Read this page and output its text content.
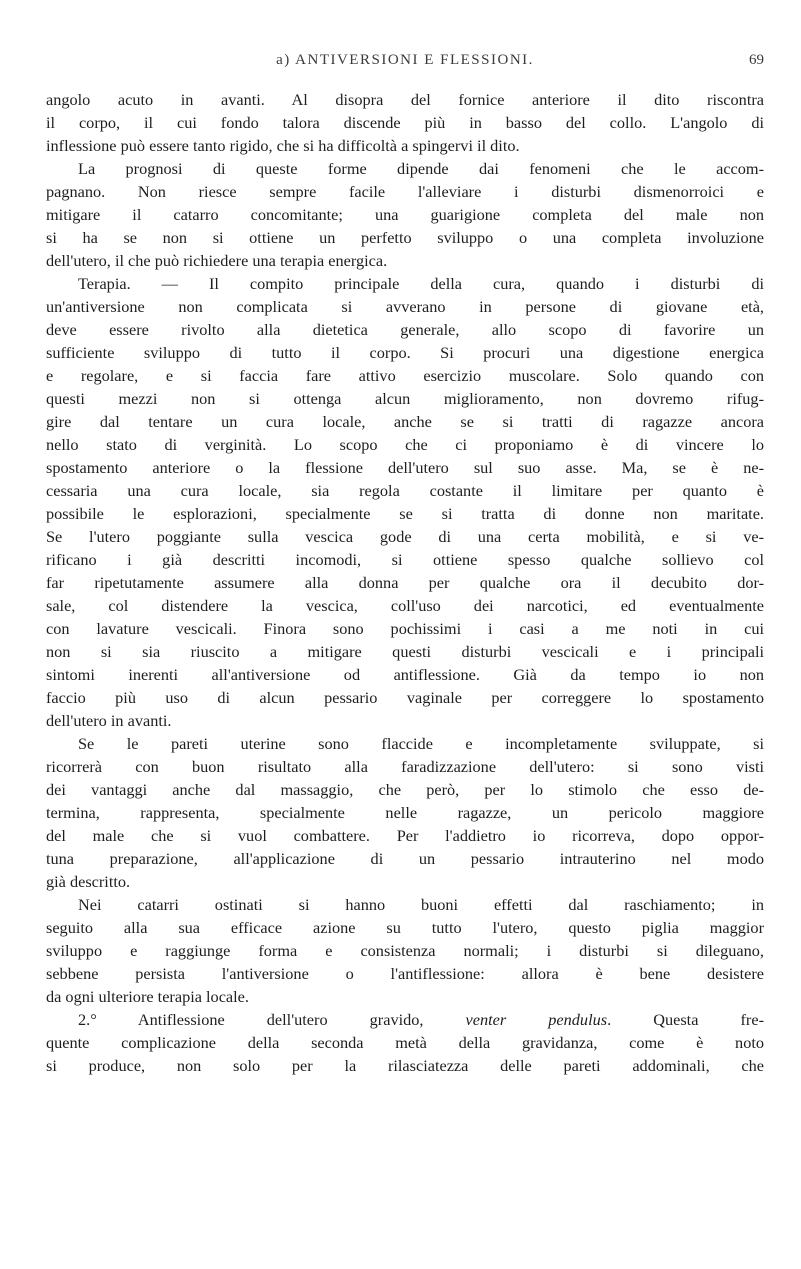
a) ANTIVERSIONI E FLESSIONI.	69
angolo acuto in avanti. Al disopra del fornice anteriore il dito riscontra
il corpo, il cui fondo talora discende più in basso del collo. L'angolo di
inflessione può essere tanto rigido, che si ha difficoltà a spingervi il dito.
La prognosi di queste forme dipende dai fenomeni che le accom-
pagnano. Non riesce sempre facile l'alleviare i disturbi dismenorroici e
mitigare il catarro concomitante; una guarigione completa del male non
si ha se non si ottiene un perfetto sviluppo o una completa involuzione
dell'utero, il che può richiedere una terapia energica.
Terapia. — Il compito principale della cura, quando i disturbi di
un'antiversione non complicata si avverano in persone di giovane età,
deve essere rivolto alla dietetica generale, allo scopo di favorire un
sufficiente sviluppo di tutto il corpo. Si procuri una digestione energica
e regolare, e si faccia fare attivo esercizio muscolare. Solo quando con
questi mezzi non si ottenga alcun miglioramento, non dovremo rifug-
gire dal tentare un cura locale, anche se si tratti di ragazze ancora
nello stato di verginità. Lo scopo che ci proponiamo è di vincere lo
spostamento anteriore o la flessione dell'utero sul suo asse. Ma, se è ne-
cessaria una cura locale, sia regola costante il limitare per quanto è
possibile le esplorazioni, specialmente se si tratta di donne non maritate.
Se l'utero poggiante sulla vescica gode di una certa mobilità, e si ve-
rificano i già descritti incomodi, si ottiene spesso qualche sollievo col
far ripetutamente assumere alla donna per qualche ora il decubito dor-
sale, col distendere la vescica, coll'uso dei narcotici, ed eventualmente
con lavature vescicali. Finora sono pochissimi i casi a me noti in cui
non si sia riuscito a mitigare questi disturbi vescicali e i principali
sintomi inerenti all'antiversione od antiflessione. Già da tempo io non
faccio più uso di alcun pessario vaginale per correggere lo spostamento
dell'utero in avanti.
Se le pareti uterine sono flaccide e incompletamente sviluppate, si
ricorrerà con buon risultato alla faradizzazione dell'utero: si sono visti
dei vantaggi anche dal massaggio, che però, per lo stimolo che esso de-
termina, rappresenta, specialmente nelle ragazze, un pericolo maggiore
del male che si vuol combattere. Per l'addietro io ricorreva, dopo oppor-
tuna preparazione, all'applicazione di un pessario intrauterino nel modo
già descritto.
Nei catarri ostinati si hanno buoni effetti dal raschiamento; in
seguito alla sua efficace azione su tutto l'utero, questo piglia maggior
sviluppo e raggiunge forma e consistenza normali; i disturbi si dileguano,
sebbene persista l'antiversione o l'antiflessione: allora è bene desistere
da ogni ulteriore terapia locale.
2.° Antiflessione dell'utero gravido, venter pendulus. Questa fre-
quente complicazione della seconda metà della gravidanza, come è noto
si produce, non solo per la rilasciatezza delle pareti addominali, che
